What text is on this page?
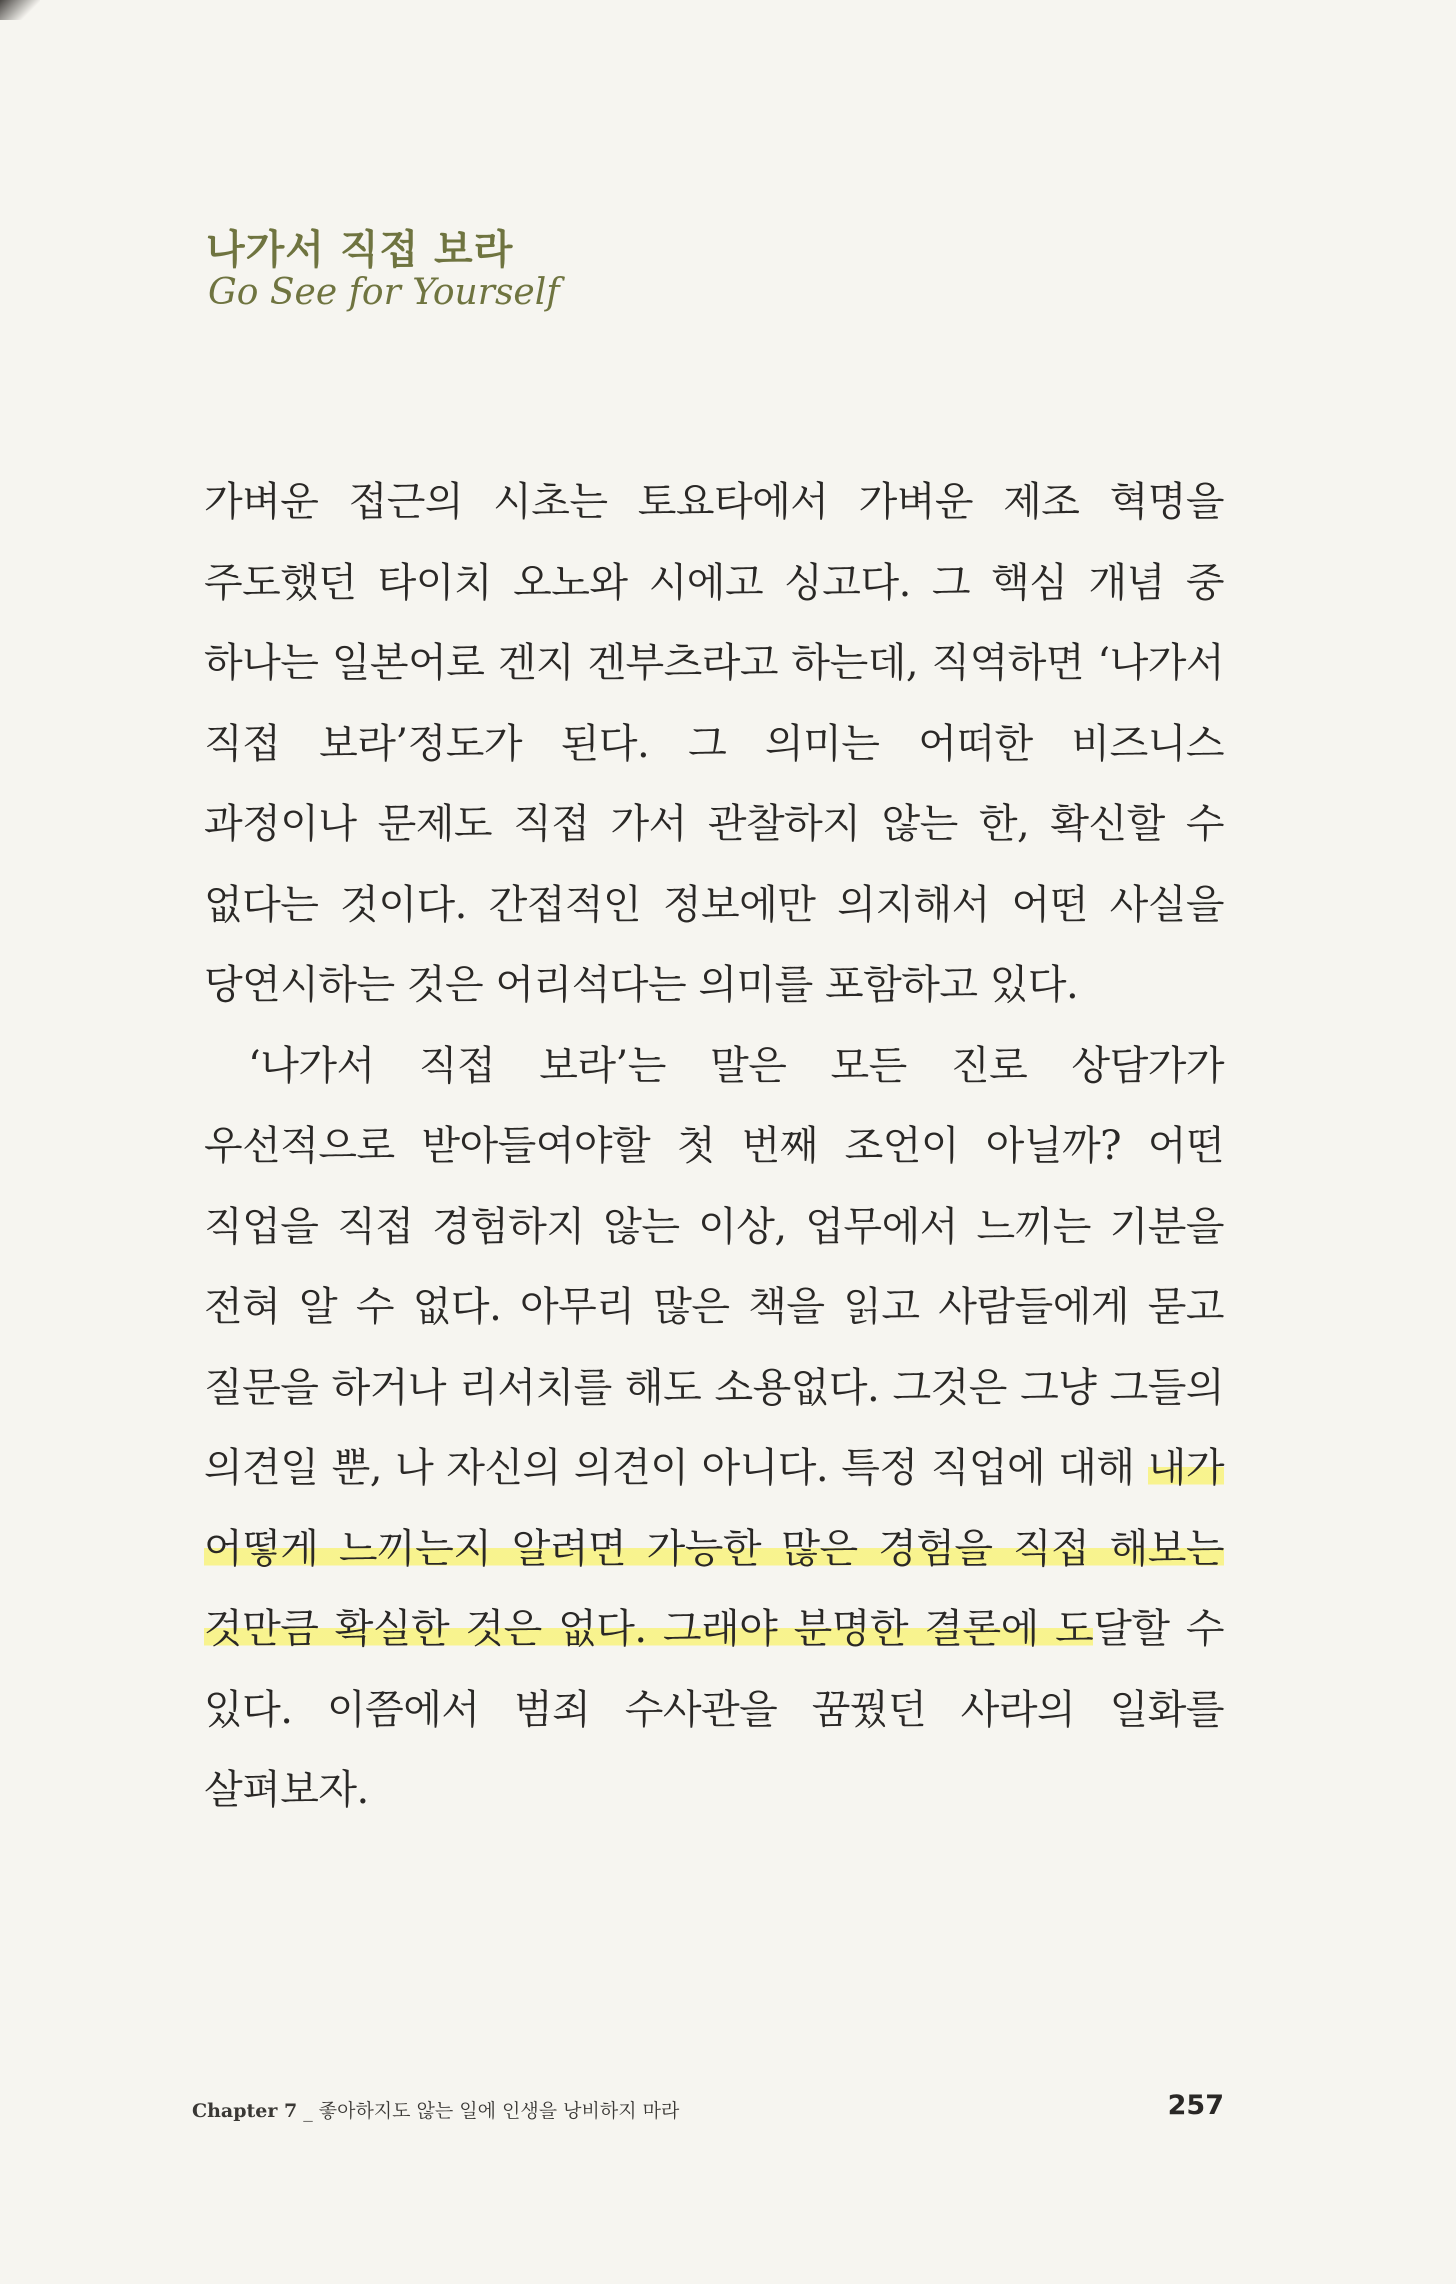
나가서 직접 보라
Go See for Yourself

가벼운 접근의 시초는 토요타에서 가벼운 제조 혁명을 주도했던 타이치 오노와 시에고 싱고다. 그 핵심 개념 중 하나는 일본어로 겐지 겐부츠라고 하는데, 직역하면 ‘나가서 직접 보라’정도가 된다. 그 의미는 어떠한 비즈니스 과정이나 문제도 직접 가서 관찰하지 않는 한, 확신할 수 없다는 것이다. 간접적인 정보에만 의지해서 어떤 사실을 당연시하는 것은 어리석다는 의미를 포함하고 있다.

‘나가서 직접 보라’는 말은 모든 진로 상담가가 우선적으로 받아들여야할 첫 번째 조언이 아닐까? 어떤 직업을 직접 경험하지 않는 이상, 업무에서 느끼는 기분을 전혀 알 수 없다. 아무리 많은 책을 읽고 사람들에게 묻고 질문을 하거나 리서치를 해도 소용없다. 그것은 그냥 그들의 의견일 뿐, 나 자신의 의견이 아니다. 특정 직업에 대해 내가 어떻게 느끼는지 알려면 가능한 많은 경험을 직접 해보는 것만큼 확실한 것은 없다. 그래야 분명한 결론에 도달할 수 있다. 이쯤에서 범죄 수사관을 꿈꿨던 사라의 일화를 살펴보자.

Chapter 7 _ 좋아하지도 않는 일에 인생을 낭비하지 마라	257
